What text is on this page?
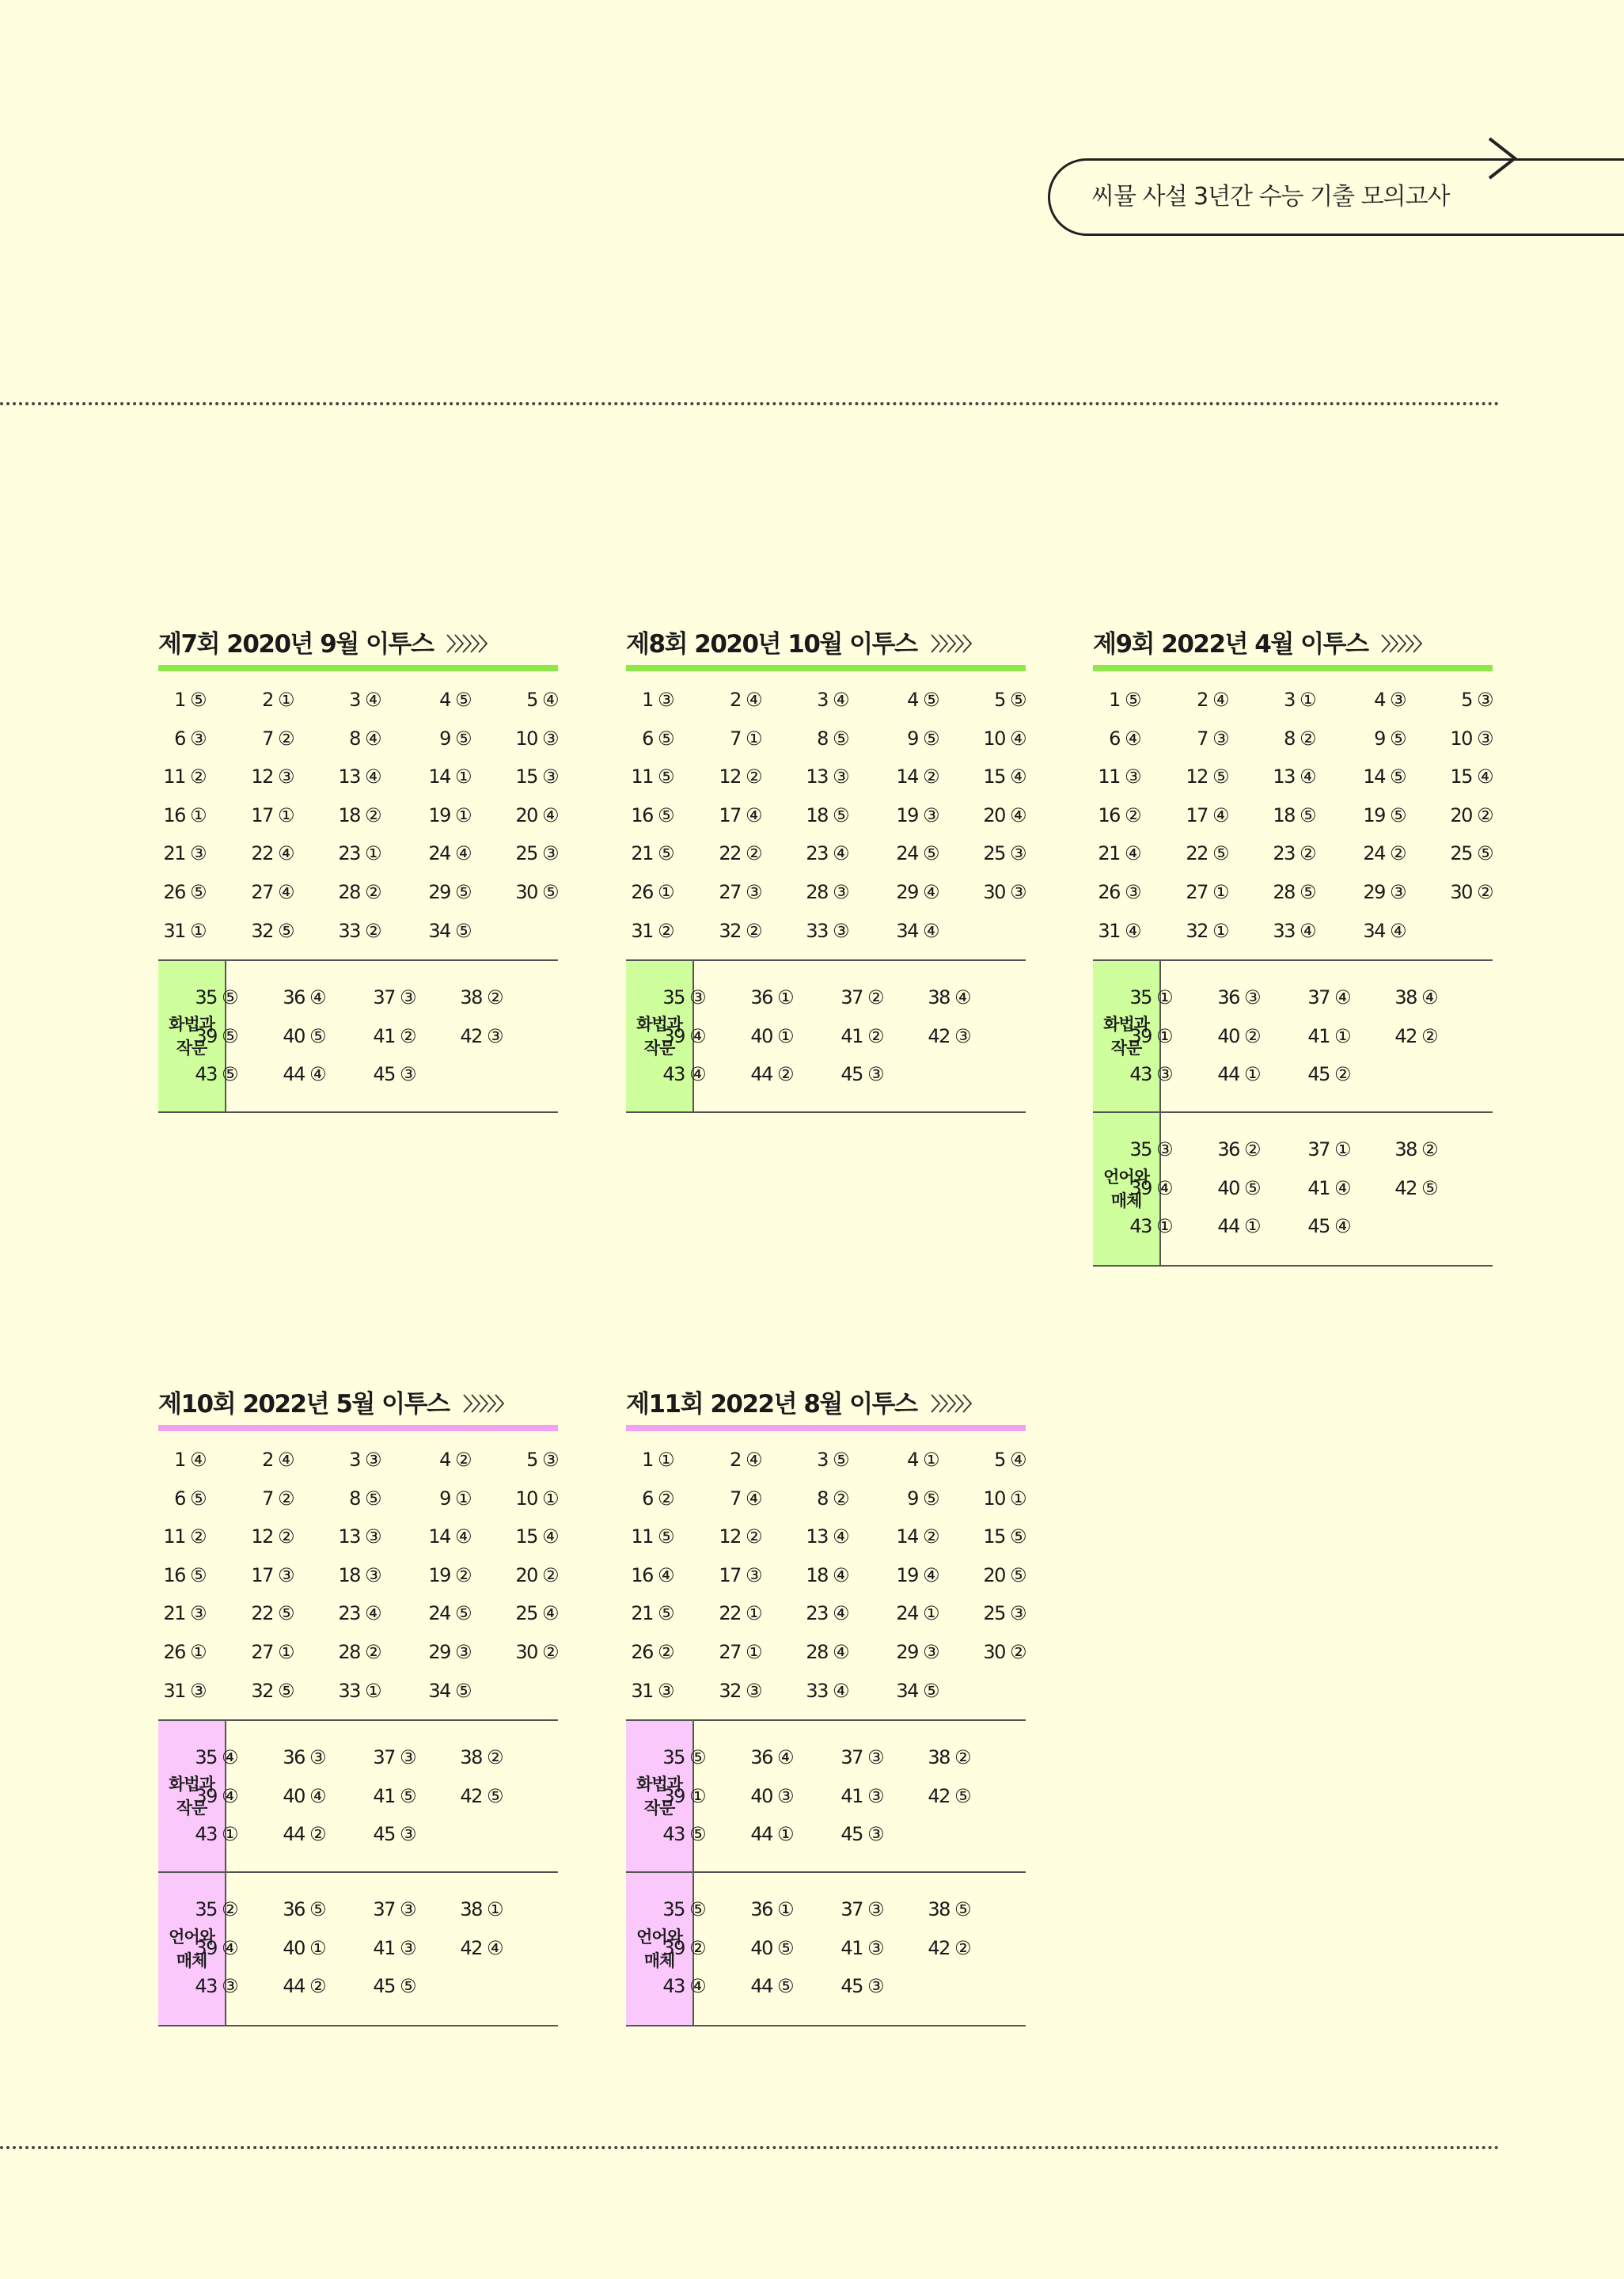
씨뮬 사설 3년간 수능 기출 모의고사
제7회 2020년 9월 이투스
1 ⑤	2 ①	3 ④	4 ⑤	5 ④
6 ③	7 ②	8 ④	9 ⑤	10 ③
11 ②	12 ③	13 ④	14 ①	15 ③
16 ①	17 ①	18 ②	19 ①	20 ④
21 ③	22 ④	23 ①	24 ④	25 ③
26 ⑤	27 ④	28 ②	29 ⑤	30 ⑤
31 ①	32 ⑤	33 ②	34 ⑤
화법과
작문
35 ⑤	36 ④	37 ③	38 ②
39 ⑤	40 ⑤	41 ②	42 ③
43 ⑤	44 ④	45 ③
제8회 2020년 10월 이투스
1 ③	2 ④	3 ④	4 ⑤	5 ⑤
6 ⑤	7 ①	8 ⑤	9 ⑤	10 ④
11 ⑤	12 ②	13 ③	14 ②	15 ④
16 ⑤	17 ④	18 ⑤	19 ③	20 ④
21 ⑤	22 ②	23 ④	24 ⑤	25 ③
26 ①	27 ③	28 ③	29 ④	30 ③
31 ②	32 ②	33 ③	34 ④
화법과
작문
35 ③	36 ①	37 ②	38 ④
39 ④	40 ①	41 ②	42 ③
43 ④	44 ②	45 ③
제9회 2022년 4월 이투스
1 ⑤	2 ④	3 ①	4 ③	5 ③
6 ④	7 ③	8 ②	9 ⑤	10 ③
11 ③	12 ⑤	13 ④	14 ⑤	15 ④
16 ②	17 ④	18 ⑤	19 ⑤	20 ②
21 ④	22 ⑤	23 ②	24 ②	25 ⑤
26 ③	27 ①	28 ⑤	29 ③	30 ②
31 ④	32 ①	33 ④	34 ④
화법과
작문
35 ①	36 ③	37 ④	38 ④
39 ①	40 ②	41 ①	42 ②
43 ③	44 ①	45 ②
언어와
매체
35 ③	36 ②	37 ①	38 ②
39 ④	40 ⑤	41 ④	42 ⑤
43 ①	44 ①	45 ④
제10회 2022년 5월 이투스
1 ④	2 ④	3 ③	4 ②	5 ③
6 ⑤	7 ②	8 ⑤	9 ①	10 ①
11 ②	12 ②	13 ③	14 ④	15 ④
16 ⑤	17 ③	18 ③	19 ②	20 ②
21 ③	22 ⑤	23 ④	24 ⑤	25 ④
26 ①	27 ①	28 ②	29 ③	30 ②
31 ③	32 ⑤	33 ①	34 ⑤
화법과
작문
35 ④	36 ③	37 ③	38 ②
39 ④	40 ④	41 ⑤	42 ⑤
43 ①	44 ②	45 ③
언어와
매체
35 ②	36 ⑤	37 ③	38 ①
39 ④	40 ①	41 ③	42 ④
43 ③	44 ②	45 ⑤
제11회 2022년 8월 이투스
1 ①	2 ④	3 ⑤	4 ①	5 ④
6 ②	7 ④	8 ②	9 ⑤	10 ①
11 ⑤	12 ②	13 ④	14 ②	15 ⑤
16 ④	17 ③	18 ④	19 ④	20 ⑤
21 ⑤	22 ①	23 ④	24 ①	25 ③
26 ②	27 ①	28 ④	29 ③	30 ②
31 ③	32 ③	33 ④	34 ⑤
화법과
작문
35 ⑤	36 ④	37 ③	38 ②
39 ①	40 ③	41 ③	42 ⑤
43 ⑤	44 ①	45 ③
언어와
매체
35 ⑤	36 ①	37 ③	38 ⑤
39 ②	40 ⑤	41 ③	42 ②
43 ④	44 ⑤	45 ③
